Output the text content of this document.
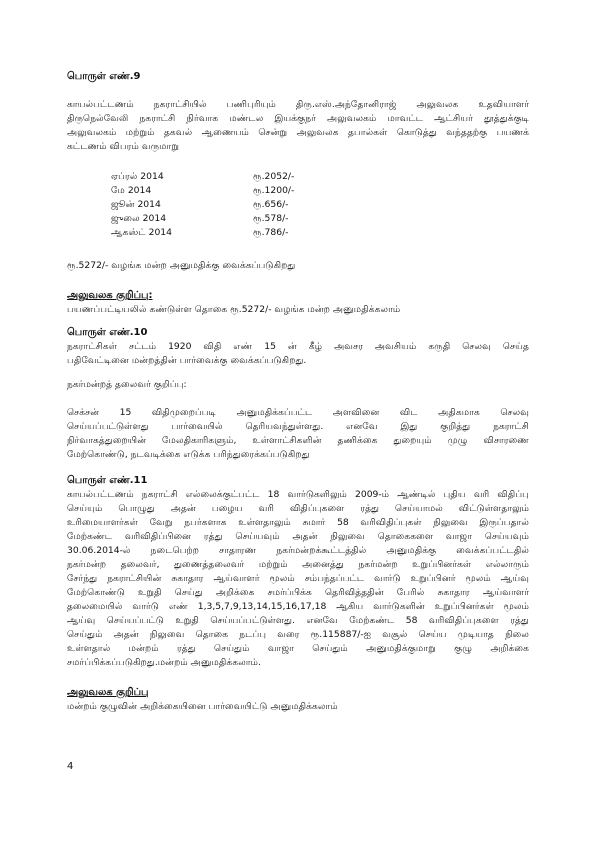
பொருள் எண்.9
காயல்பட்டணம் நகராட்சியில் பணிபுரியும் திரு.எஸ்.அந்தோனிராஜ் அலுவலக உதவியாளர்
திருநெல்வேலி நகராட்சி நிர்வாக மண்டல இயக்குநர் அலுவலகம் மாவட்ட ஆட்சியர் தூத்துக்குடி
அலுவலகம் மற்றும் தகவல் ஆணையம் சென்று அலுவலக தபால்கள் கொடுத்து வந்ததற்கு பயணக்
கட்டணம் விபரம் வருமாறு
ஏப்ரல் 2014	ரூ.2052/-
மே 2014	ரூ.1200/-
ஜூன் 2014	ரூ.656/-
ஜுலை 2014	ரூ.578/-
ஆகஸ்ட் 2014	ரூ.786/-
ரூ.5272/- வழங்க மன்ற அனுமதிக்கு வைக்கப்படுகிறது
அலுவலக குறிப்பு:
பயணப்பட்டியலில் கண்டுள்ள தொகை ரூ.5272/- வழங்க மன்ற அனுமதிக்கலாம்
பொருள் எண்.10
நகராட்சிகள் சட்டம் 1920 விதி எண் 15 ன் கீழ் அவசர அவசியம் கருதி செலவு செய்த
பதிவேட்டினை மன்றத்தின் பார்வைக்கு வைக்கப்படுகிறது.
நகர்மன்றத் தலைவர் குறிப்பு:
செக்சன் 15 விதிமுறைப்படி அனுமதிக்கப்பட்ட அளவினை விட அதிகமாக செலவு
செய்யப்பட்டுள்ளது பார்வையில் தெரியவந்துள்ளது. எனவே இது குறித்து நகராட்சி
நிர்வாகத்துறையின் மேலதிகாரிகளும், உள்ளாட்சிகளின் தணிக்கை துறையும் முழு விசாரணை
மேற்கொண்டு, நடவடிக்கை எடுக்க பரிந்துரைக்கப்படுகிறது
பொருள் எண்.11
காயல்பட்டணம் நகராட்சி எல்லைக்குட்பட்ட 18 வார்டுகளிலும் 2009-ம் ஆண்டில் புதிய வரி விதிப்பு
செய்யும் பொழுது அதன் பழைய வரி விதிப்புகளை ரத்து செய்யாமல் விட்டுள்ளதாலும்
உரிமையாளர்கள் வேறு நபர்களாக உள்ளதாலும் சுமார் 58 வரிவிதிப்புகள் நிலுவை இருப்பதால்
மேற்கண்ட வரிவிதிப்பினை ரத்து செய்யவும் அதன் நிலுவை தொகைகளை வாஜா செய்யவும்
30.06.2014-ல் நடைபெற்ற சாதாரண நகர்மன்றக்கூட்டத்தில் அனுமதிக்கு வைக்கப்பட்டதில்
நகர்மன்ற தலைவர், துணைத்தலைவர் மற்றும் அனைத்து நகர்மன்ற உறுப்பினர்கள் எல்லாரும்
சேர்ந்து நகராட்சியின் சுகாதார ஆய்வாளர் மூலம் சம்பந்தப்பட்ட வார்டு உறுப்பினர் மூலம் ஆய்வு
மேற்கொண்டு உறுதி செய்து அறிக்கை சமர்ப்பிக்க தெரிவித்ததின் பேரில் சுகாதார ஆய்வாளர்
தலைமையில் வார்டு எண் 1,3,5,7,9,13,14,15,16,17,18 ஆகிய வார்டுகளின் உறுப்பினர்கள் மூலம்
ஆய்வு செய்யப்பட்டு உறுதி செய்யப்பட்டுள்ளது. எனவே மேற்கண்ட 58 வரிவிதிப்புகளை ரத்து
செய்தும் அதன் நிலுவை தொகை நடப்பு வரை ரூ.115887/-ஐ வசூல் செய்ய முடியாத நிலை
உள்ளதால் மன்றம் ரத்து செய்தும் வாஜா செய்தும் அனுமதிக்குமாறு குழு அறிக்கை
சமர்ப்பிக்கப்படுகிறது.மன்றம் அனுமதிக்கலாம்.
அலுவலக குறிப்பு
மன்றம் குழுவின் அறிக்கையினை பார்வையிட்டு அனுமதிக்கலாம்
4
